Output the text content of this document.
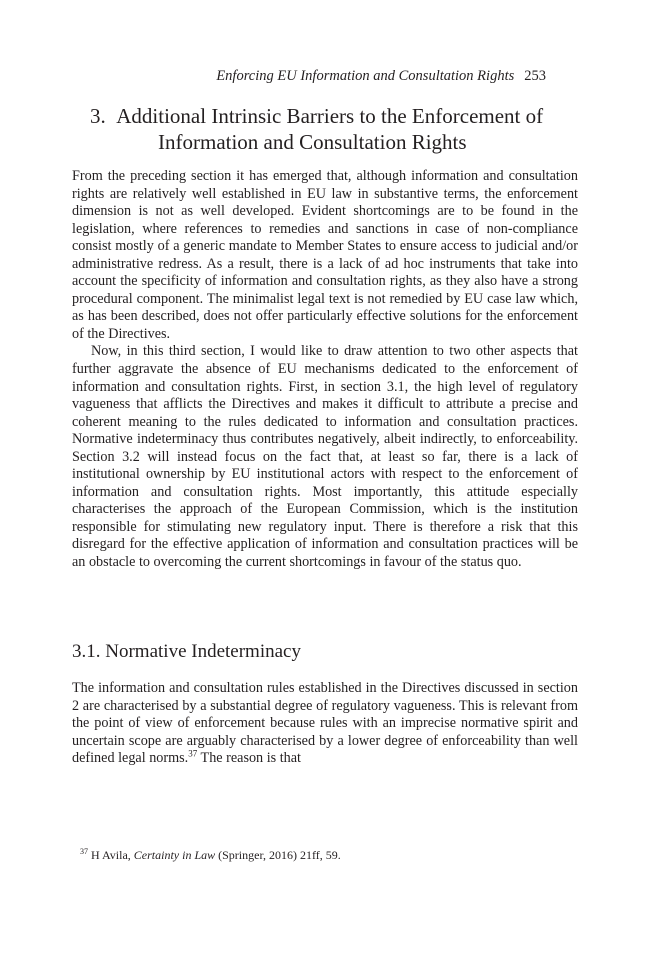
Enforcing EU Information and Consultation Rights 253
3. Additional Intrinsic Barriers to the Enforcement of
Information and Consultation Rights

From the preceding section it has emerged that, although information and consultation rights are relatively well established in EU law in substantive terms, the enforcement dimension is not as well developed. Evident shortcomings are to be found in the legislation, where references to remedies and sanctions in case of non-compliance consist mostly of a generic mandate to Member States to ensure access to judicial and/or administrative redress. As a result, there is a lack of ad hoc instruments that take into account the specificity of information and consultation rights, as they also have a strong procedural component. The minimalist legal text is not remedied by EU case law which, as has been described, does not offer particularly effective solutions for the enforcement of the Directives.

Now, in this third section, I would like to draw attention to two other aspects that further aggravate the absence of EU mechanisms dedicated to the enforcement of information and consultation rights. First, in section 3.1, the high level of regulatory vagueness that afflicts the Directives and makes it difficult to attribute a precise and coherent meaning to the rules dedicated to information and consultation practices. Normative indeterminacy thus contributes negatively, albeit indirectly, to enforceability. Section 3.2 will instead focus on the fact that, at least so far, there is a lack of institutional ownership by EU institutional actors with respect to the enforcement of information and consultation rights. Most importantly, this attitude especially characterises the approach of the European Commission, which is the institution responsible for stimulating new regulatory input. There is therefore a risk that this disregard for the effective application of information and consultation practices will be an obstacle to overcoming the current shortcomings in favour of the status quo.

3.1. Normative Indeterminacy

The information and consultation rules established in the Directives discussed in section 2 are characterised by a substantial degree of regulatory vagueness. This is relevant from the point of view of enforcement because rules with an imprecise normative spirit and uncertain scope are arguably characterised by a lower degree of enforceability than well defined legal norms.$^{37}$ The reason is that

$^{37}$ H Avila, Certainty in Law (Springer, 2016) 21ff, 59.
